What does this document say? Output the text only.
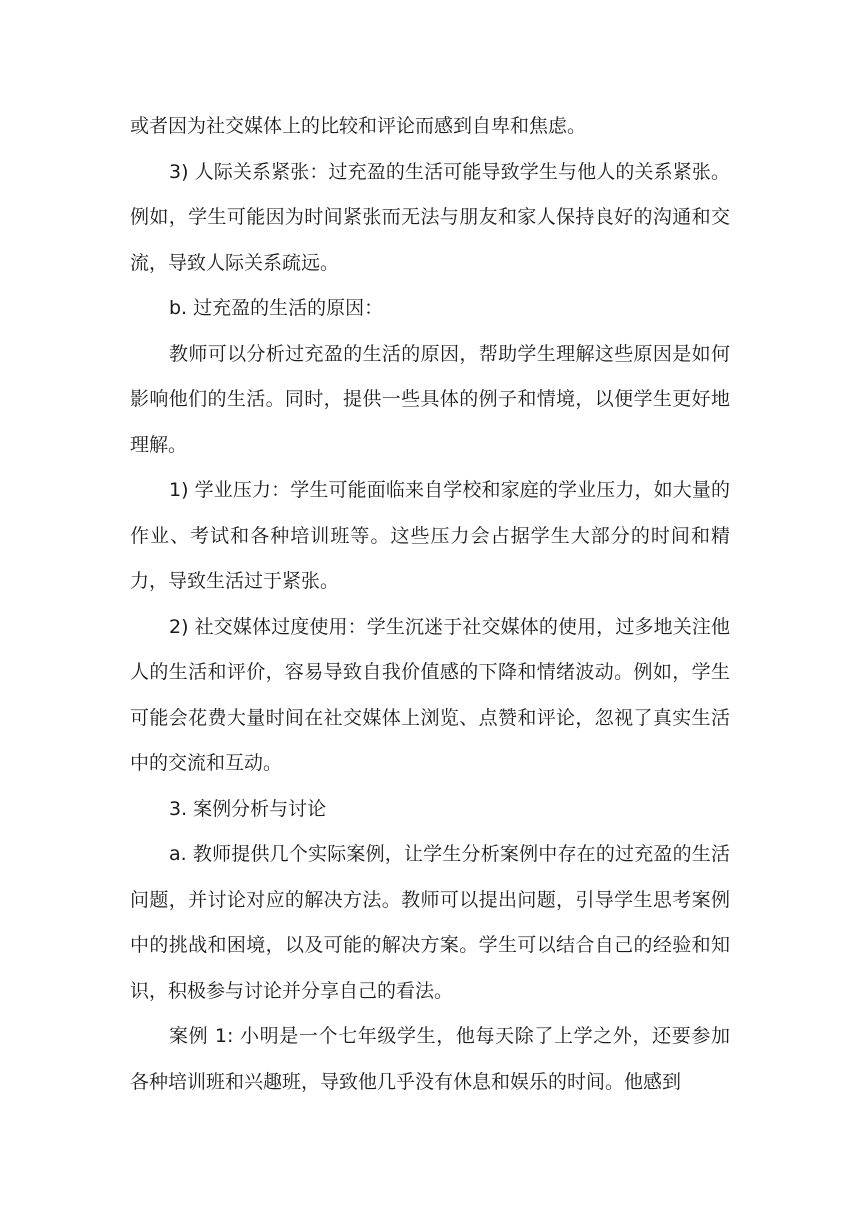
或者因为社交媒体上的比较和评论而感到自卑和焦虑。

3) 人际关系紧张：过充盈的生活可能导致学生与他人的关系紧张。例如，学生可能因为时间紧张而无法与朋友和家人保持良好的沟通和交流，导致人际关系疏远。

b. 过充盈的生活的原因：

教师可以分析过充盈的生活的原因，帮助学生理解这些原因是如何影响他们的生活。同时，提供一些具体的例子和情境，以便学生更好地理解。

1) 学业压力：学生可能面临来自学校和家庭的学业压力，如大量的作业、考试和各种培训班等。这些压力会占据学生大部分的时间和精力，导致生活过于紧张。

2) 社交媒体过度使用：学生沉迷于社交媒体的使用，过多地关注他人的生活和评价，容易导致自我价值感的下降和情绪波动。例如，学生可能会花费大量时间在社交媒体上浏览、点赞和评论，忽视了真实生活中的交流和互动。

3. 案例分析与讨论

a. 教师提供几个实际案例，让学生分析案例中存在的过充盈的生活问题，并讨论对应的解决方法。教师可以提出问题，引导学生思考案例中的挑战和困境，以及可能的解决方案。学生可以结合自己的经验和知识，积极参与讨论并分享自己的看法。

案例 1: 小明是一个七年级学生，他每天除了上学之外，还要参加各种培训班和兴趣班，导致他几乎没有休息和娱乐的时间。他感到
